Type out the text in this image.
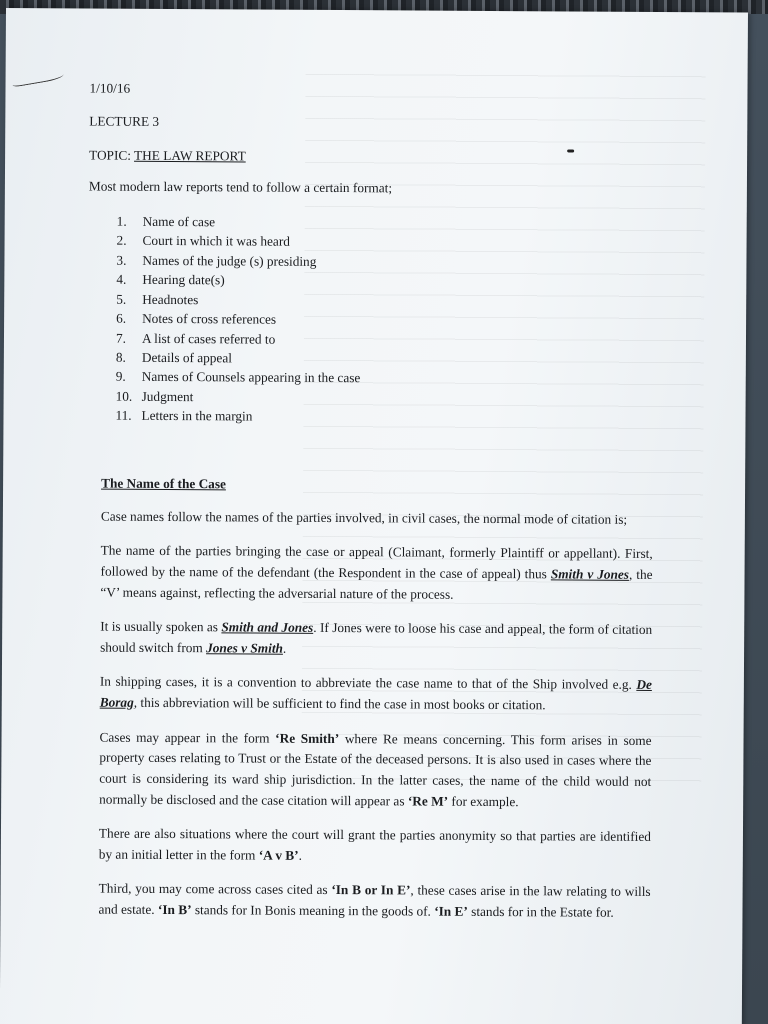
1/10/16
LECTURE 3
TOPIC: THE LAW REPORT
Most modern law reports tend to follow a certain format;
1.	Name of case
2.	Court in which it was heard
3.	Names of the judge (s) presiding
4.	Hearing date(s)
5.	Headnotes
6.	Notes of cross references
7.	A list of cases referred to
8.	Details of appeal
9.	Names of Counsels appearing in the case
10. Judgment
11. Letters in the margin
The Name of the Case

Case names follow the names of the parties involved, in civil cases, the normal mode of citation is;

The name of the parties bringing the case or appeal (Claimant, formerly Plaintiff or appellant). First, followed by the name of the defendant (the Respondent in the case of appeal) thus Smith v Jones, the “V’ means against, reflecting the adversarial nature of the process.

It is usually spoken as Smith and Jones. If Jones were to loose his case and appeal, the form of citation should switch from Jones v Smith.

In shipping cases, it is a convention to abbreviate the case name to that of the Ship involved e.g. De Borag, this abbreviation will be sufficient to find the case in most books or citation.

Cases may appear in the form ‘Re Smith’ where Re means concerning. This form arises in some property cases relating to Trust or the Estate of the deceased persons. It is also used in cases where the court is considering its ward ship jurisdiction. In the latter cases, the name of the child would not normally be disclosed and the case citation will appear as ‘Re M’ for example.

There are also situations where the court will grant the parties anonymity so that parties are identified by an initial letter in the form ‘A v B’.

Third, you may come across cases cited as ‘In B or In E’, these cases arise in the law relating to wills and estate. ‘In B’ stands for In Bonis meaning in the goods of. ‘In E’ stands for in the Estate for.
